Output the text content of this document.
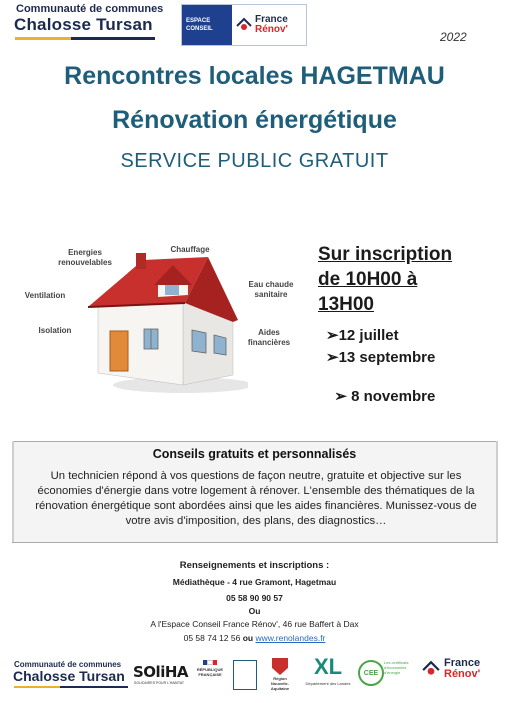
Communauté de communes
Chalosse Tursan	ESPACE
CONSEIL
France
Rénov'
2022
Rencontres locales HAGETMAU
Rénovation énergétique
SERVICE PUBLIC GRATUIT
Energies renouvelables
Chauffage
Ventilation
Eau chaude sanitaire
Isolation	Aides financières
Sur inscription
de 10H00 à
13H00
➢12 juillet
➢13 septembre

➢ 8 novembre

Conseils gratuits et personnalisés
Un technicien répond à vos questions de façon neutre, gratuite et objective sur les économies d'énergie dans votre logement à rénover. L'ensemble des thématiques de la rénovation énergétique sont abordées ainsi que les aides financières. Munissez-vous de votre avis d'imposition, des plans, des diagnostics…
Renseignements et inscriptions :
Médiathèque - 4 rue Gramont, Hagetmau
05 58 90 90 57
Ou
A l'Espace Conseil France Rénov', 46 rue Baffert à Dax
05 58 74 12 56 ou www.renolandes.fr
Communauté de communes
Chalosse Tursan SOliHA
SOLIDAIRES POUR L'HABITAT
RÉPUBLIQUE FRANÇAISE
Région
Nouvelle-Aquitaine
XL
Département des Landes
CEE
Les certificats d'économies d'énergie
France
Rénov'
